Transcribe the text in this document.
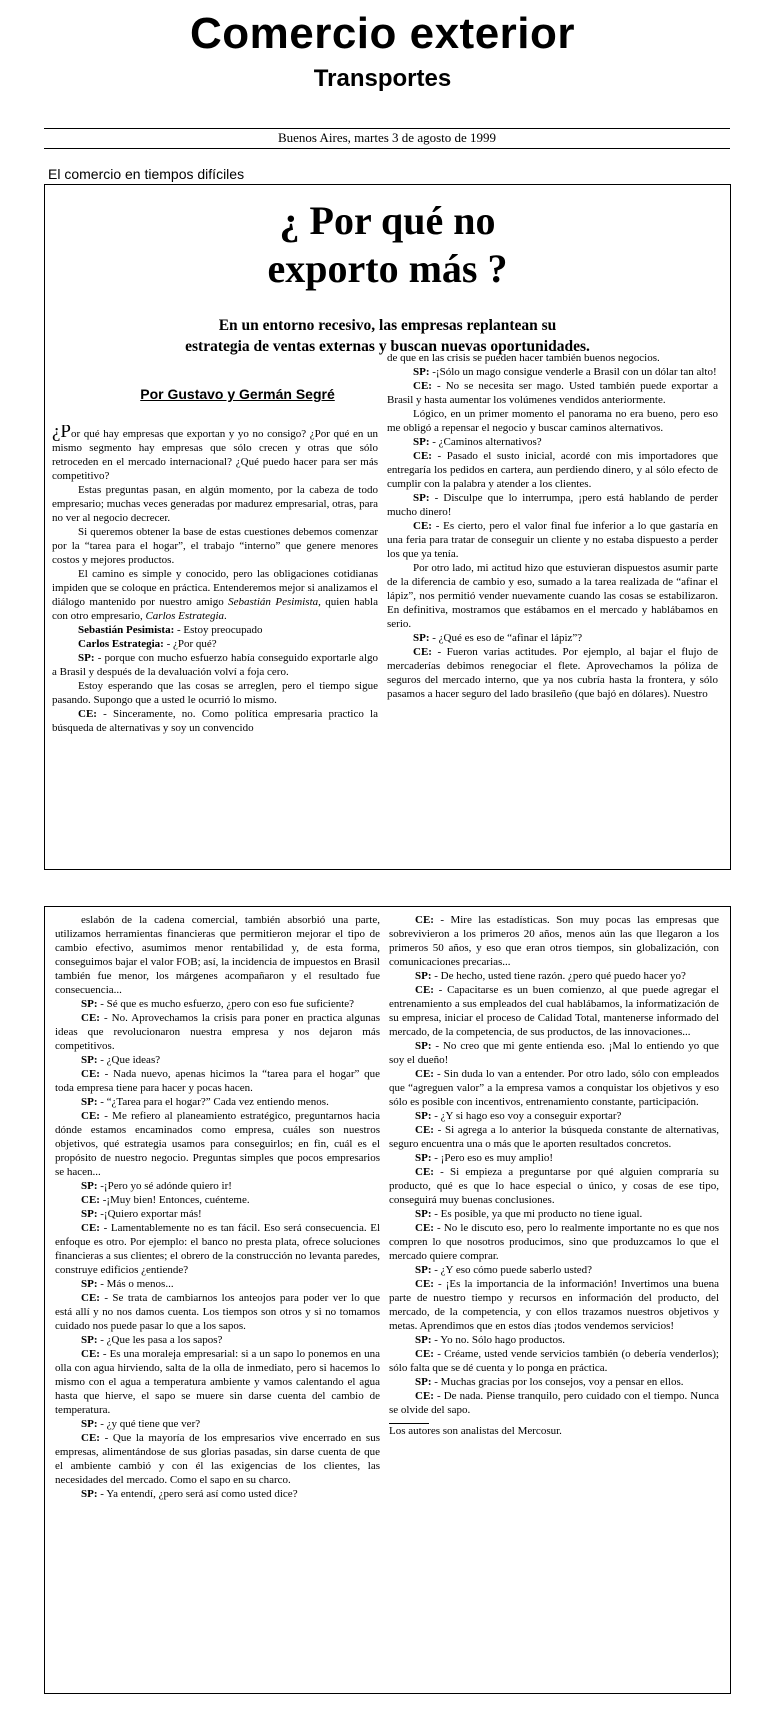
Comercio exterior
Transportes
Buenos Aires, martes 3 de agosto de 1999
El comercio en tiempos difíciles
¿ Por qué no
exporto más ?
En un entorno recesivo, las empresas replantean su
estrategia de ventas externas y buscan nuevas oportunidades.
Por Gustavo y Germán Segré

¿Por qué hay empresas que exportan y yo no consigo? ¿Por qué en un mismo segmento hay empresas que sólo crecen y otras que sólo retroceden en el mercado internacional? ¿Qué puedo hacer para ser más competitivo?

Estas preguntas pasan, en algún momento, por la cabeza de todo empresario; muchas veces generadas por madurez empresarial, otras, para no ver al negocio decrecer.

Si queremos obtener la base de estas cuestiones debemos comenzar por la “tarea para el hogar”, el trabajo “interno” que genere menores costos y mejores productos.

El camino es simple y conocido, pero las obligaciones cotidianas impiden que se coloque en práctica. Entenderemos mejor si analizamos el diálogo mantenido por nuestro amigo Sebastián Pesimista, quien habla con otro empresario, Carlos Estrategia.

Sebastián Pesimista: - Estoy preocupado

Carlos Estrategia: - ¿Por qué?

SP: - porque con mucho esfuerzo había conseguido exportarle algo a Brasil y después de la devaluación volví a foja cero.

Estoy esperando que las cosas se arreglen, pero el tiempo sigue pasando. Supongo que a usted le ocurrió lo mismo.

CE: - Sinceramente, no. Como política empresaria practico la búsqueda de alternativas y soy un convencido

de que en las crisis se pueden hacer también buenos negocios.

SP: -¡Sólo un mago consigue venderle a Brasil con un dólar tan alto!

CE: - No se necesita ser mago. Usted también puede exportar a Brasil y hasta aumentar los volúmenes vendidos anteriormente.

Lógico, en un primer momento el panorama no era bueno, pero eso me obligó a repensar el negocio y buscar caminos alternativos.

SP: - ¿Caminos alternativos?

CE: - Pasado el susto inicial, acordé con mis importadores que entregaría los pedidos en cartera, aun perdiendo dinero, y al sólo efecto de cumplir con la palabra y atender a los clientes.

SP: - Disculpe que lo interrumpa, ¡pero está hablando de perder mucho dinero!

CE: - Es cierto, pero el valor final fue inferior a lo que gastaría en una feria para tratar de conseguir un cliente y no estaba dispuesto a perder los que ya tenía.

Por otro lado, mi actitud hizo que estuvieran dispuestos asumir parte de la diferencia de cambio y eso, sumado a la tarea realizada de “afinar el lápiz”, nos permitió vender nuevamente cuando las cosas se estabilizaron. En definitiva, mostramos que estábamos en el mercado y hablábamos en serio.

SP: - ¿Qué es eso de “afinar el lápiz”?

CE: - Fueron varias actitudes. Por ejemplo, al bajar el flujo de mercaderías debimos renegociar el flete. Aprovechamos la póliza de seguros del mercado interno, que ya nos cubría hasta la frontera, y sólo pasamos a hacer seguro del lado brasileño (que bajó en dólares). Nuestro

eslabón de la cadena comercial, también absorbió una parte, utilizamos herramientas financieras que permitieron mejorar el tipo de cambio efectivo, asumimos menor rentabilidad y, de esta forma, conseguimos bajar el valor FOB; así, la incidencia de impuestos en Brasil también fue menor, los márgenes acompañaron y el resultado fue consecuencia...

SP: - Sé que es mucho esfuerzo, ¿pero con eso fue suficiente?

CE: - No. Aprovechamos la crisis para poner en practica algunas ideas que revolucionaron nuestra empresa y nos dejaron más competitivos.

SP: - ¿Que ideas?

CE: - Nada nuevo, apenas hicimos la “tarea para el hogar” que toda empresa tiene para hacer y pocas hacen.

SP: - “¿Tarea para el hogar?” Cada vez entiendo menos.

CE: - Me refiero al planeamiento estratégico, preguntarnos hacia dónde estamos encaminados como empresa, cuáles son nuestros objetivos, qué estrategia usamos para conseguirlos; en fin, cuál es el propósito de nuestro negocio. Preguntas simples que pocos empresarios se hacen...

SP: -¡Pero yo sé adónde quiero ir!

CE: -¡Muy bien! Entonces, cuénteme.

SP: -¡Quiero exportar más!

CE: - Lamentablemente no es tan fácil. Eso será consecuencia. El enfoque es otro. Por ejemplo: el banco no presta plata, ofrece soluciones financieras a sus clientes; el obrero de la construcción no levanta paredes, construye edificios ¿entiende?

SP: - Más o menos...

CE: - Se trata de cambiarnos los anteojos para poder ver lo que está allí y no nos damos cuenta. Los tiempos son otros y si no tomamos cuidado nos puede pasar lo que a los sapos.

SP: - ¿Que les pasa a los sapos?

CE: - Es una moraleja empresarial: si a un sapo lo ponemos en una olla con agua hirviendo, salta de la olla de inmediato, pero si hacemos lo mismo con el agua a temperatura ambiente y vamos calentando el agua hasta que hierve, el sapo se muere sin darse cuenta del cambio de temperatura.

SP: - ¿y qué tiene que ver?

CE: - Que la mayoría de los empresarios vive encerrado en sus empresas, alimentándose de sus glorias pasadas, sin darse cuenta de que el ambiente cambió y con él las exigencias de los clientes, las necesidades del mercado. Como el sapo en su charco.

SP: - Ya entendí, ¿pero será así como usted dice?

CE: - Mire las estadísticas. Son muy pocas las empresas que sobrevivieron a los primeros 20 años, menos aún las que llegaron a los primeros 50 años, y eso que eran otros tiempos, sin globalización, con comunicaciones precarias...

SP: - De hecho, usted tiene razón. ¿pero qué puedo hacer yo?

CE: - Capacitarse es un buen comienzo, al que puede agregar el entrenamiento a sus empleados del cual hablábamos, la informatización de su empresa, iniciar el proceso de Calidad Total, mantenerse informado del mercado, de la competencia, de sus productos, de las innovaciones...

SP: - No creo que mi gente entienda eso. ¡Mal lo entiendo yo que soy el dueño!

CE: - Sin duda lo van a entender. Por otro lado, sólo con empleados que “agreguen valor” a la empresa vamos a conquistar los objetivos y eso sólo es posible con incentivos, entrenamiento constante, participación.

SP: - ¿Y si hago eso voy a conseguir exportar?

CE: - Si agrega a lo anterior la búsqueda constante de alternativas, seguro encuentra una o más que le aporten resultados concretos.

SP: - ¡Pero eso es muy amplio!

CE: - Si empieza a preguntarse por qué alguien compraría su producto, qué es que lo hace especial o único, y cosas de ese tipo, conseguirá muy buenas conclusiones.

SP: - Es posible, ya que mi producto no tiene igual.

CE: - No le discuto eso, pero lo realmente importante no es que nos compren lo que nosotros producimos, sino que produzcamos lo que el mercado quiere comprar.

SP: - ¿Y eso cómo puede saberlo usted?

CE: - ¡Es la importancia de la información! Invertimos una buena parte de nuestro tiempo y recursos en información del producto, del mercado, de la competencia, y con ellos trazamos nuestros objetivos y metas. Aprendimos que en estos días ¡todos vendemos servicios!

SP: - Yo no. Sólo hago productos.

CE: - Créame, usted vende servicios también (o debería venderlos); sólo falta que se dé cuenta y lo ponga en práctica.

SP: - Muchas gracias por los consejos, voy a pensar en ellos.

CE: - De nada. Piense tranquilo, pero cuidado con el tiempo. Nunca se olvide del sapo.

Los autores son analistas del Mercosur.
